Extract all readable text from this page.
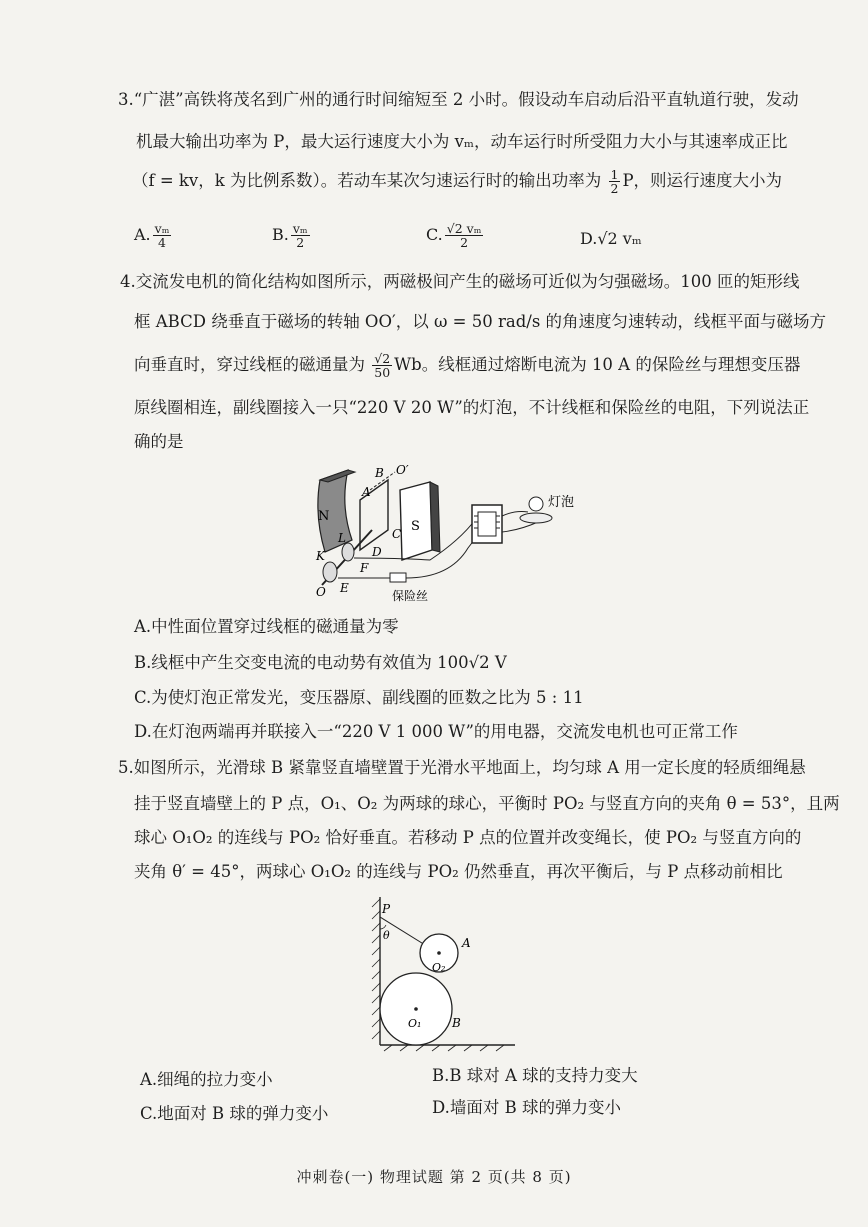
3.“广湛”高铁将茂名到广州的通行时间缩短至 2 小时。假设动车启动后沿平直轨道行驶，发动
机最大输出功率为 P，最大运行速度大小为 vₘ，动车运行时所受阻力大小与其速率成正比
（f = kv，k 为比例系数）。若动车某次匀速运行时的输出功率为 $\frac{1}{2}$ P，则运行速度大小为
A. $\frac{\text{vₘ}}{4}$	B. $\frac{\text{vₘ}}{2}$	C. $\frac{\text{√2 vₘ}}{2}$	D.√2 vₘ
4.交流发电机的简化结构如图所示，两磁极间产生的磁场可近似为匀强磁场。100 匝的矩形线
框 ABCD 绕垂直于磁场的转轴 OO′，以 ω = 50 rad/s 的角速度匀速转动，线框平面与磁场方
向垂直时，穿过线框的磁通量为 $\frac{√2}{50}$ Wb。线框通过熔断电流为 10 A 的保险丝与理想变压器
原线圈相连，副线圈接入一只“220 V 20 W”的灯泡，不计线框和保险丝的电阻，下列说法正
确的是
N
S
B
A
C
D
O′
L
K
O E
F
保险丝
灯泡
A.中性面位置穿过线框的磁通量为零
B.线框中产生交变电流的电动势有效值为 100√2 V
C.为使灯泡正常发光，变压器原、副线圈的匝数之比为 5 : 11
D.在灯泡两端再并联接入一“220 V 1 000 W”的用电器，交流发电机也可正常工作
5.如图所示，光滑球 B 紧靠竖直墙壁置于光滑水平地面上，均匀球 A 用一定长度的轻质细绳悬
挂于竖直墙壁上的 P 点，O₁、O₂ 为两球的球心，平衡时 PO₂ 与竖直方向的夹角 θ = 53°，且两
球心 O₁O₂ 的连线与 PO₂ 恰好垂直。若移动 P 点的位置并改变绳长，使 PO₂ 与竖直方向的
夹角 θ′ = 45°，两球心 O₁O₂ 的连线与 PO₂ 仍然垂直，再次平衡后，与 P 点移动前相比
P
θ
O₂
A
O₁	B
A.细绳的拉力变小	B.B 球对 A 球的支持力变大
C.地面对 B 球的弹力变小	D.墙面对 B 球的弹力变小
冲刺卷(一) 物理试题 第 2 页(共 8 页)
